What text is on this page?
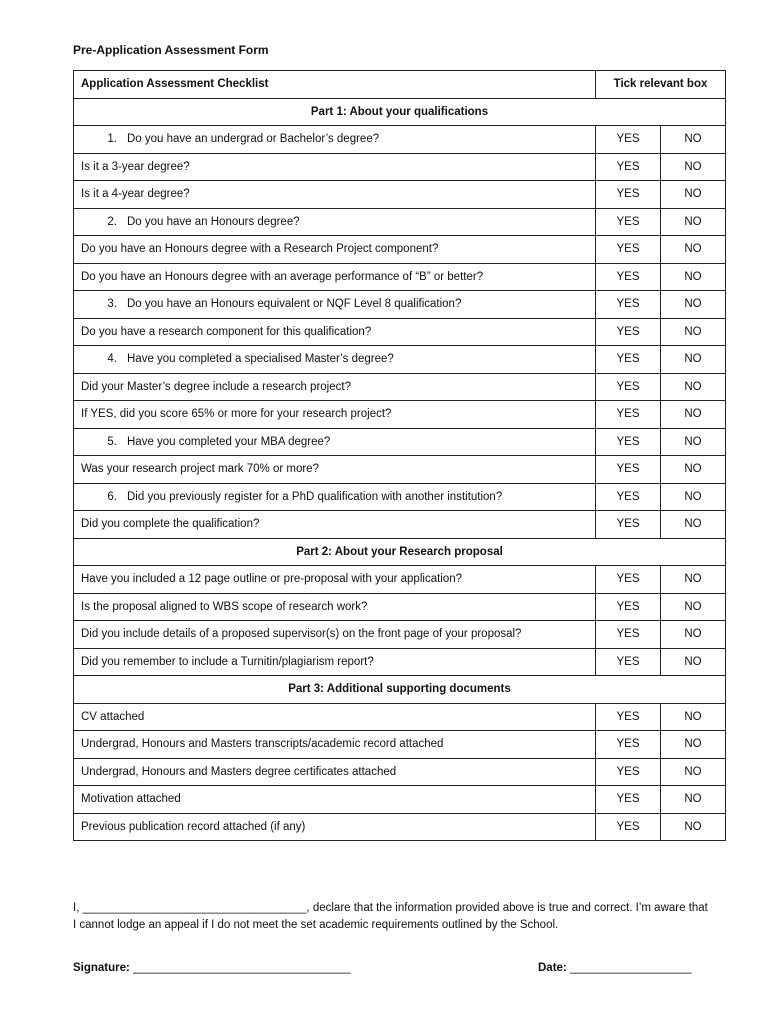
Pre-Application Assessment Form
Application Assessment Checklist	Tick relevant box	
Part 1: About your qualifications		
1. Do you have an undergrad or Bachelor’s degree?	YES	NO
Is it a 3-year degree?	YES	NO
Is it a 4-year degree?	YES	NO
2. Do you have an Honours degree?	YES	NO
Do you have an Honours degree with a Research Project component?	YES	NO
Do you have an Honours degree with an average performance of “B” or better?	YES	NO
3. Do you have an Honours equivalent or NQF Level 8 qualification?	YES	NO
Do you have a research component for this qualification?	YES	NO
4. Have you completed a specialised Master’s degree?	YES	NO
Did your Master’s degree include a research project?	YES	NO
If YES, did you score 65% or more for your research project?	YES	NO
5. Have you completed your MBA degree?	YES	NO
Was your research project mark 70% or more?	YES	NO
6. Did you previously register for a PhD qualification with another institution?	YES	NO
Did you complete the qualification?	YES	NO
Part 2: About your Research proposal		
Have you included a 12 page outline or pre-proposal with your application?	YES	NO
Is the proposal aligned to WBS scope of research work?	YES	NO
Did you include details of a proposed supervisor(s) on the front page of your proposal?	YES	NO
Did you remember to include a Turnitin/plagiarism report?	YES	NO
Part 3: Additional supporting documents		
CV attached	YES	NO
Undergrad, Honours and Masters transcripts/academic record attached	YES	NO
Undergrad, Honours and Masters degree certificates attached	YES	NO
Motivation attached	YES	NO
Previous publication record attached (if any)	YES	NO
I, ___________________________________, declare that the information provided above is true and correct. I’m aware that I cannot lodge an appeal if I do not meet the set academic requirements outlined by the School.
Signature: __________________________________	Date: ___________________
